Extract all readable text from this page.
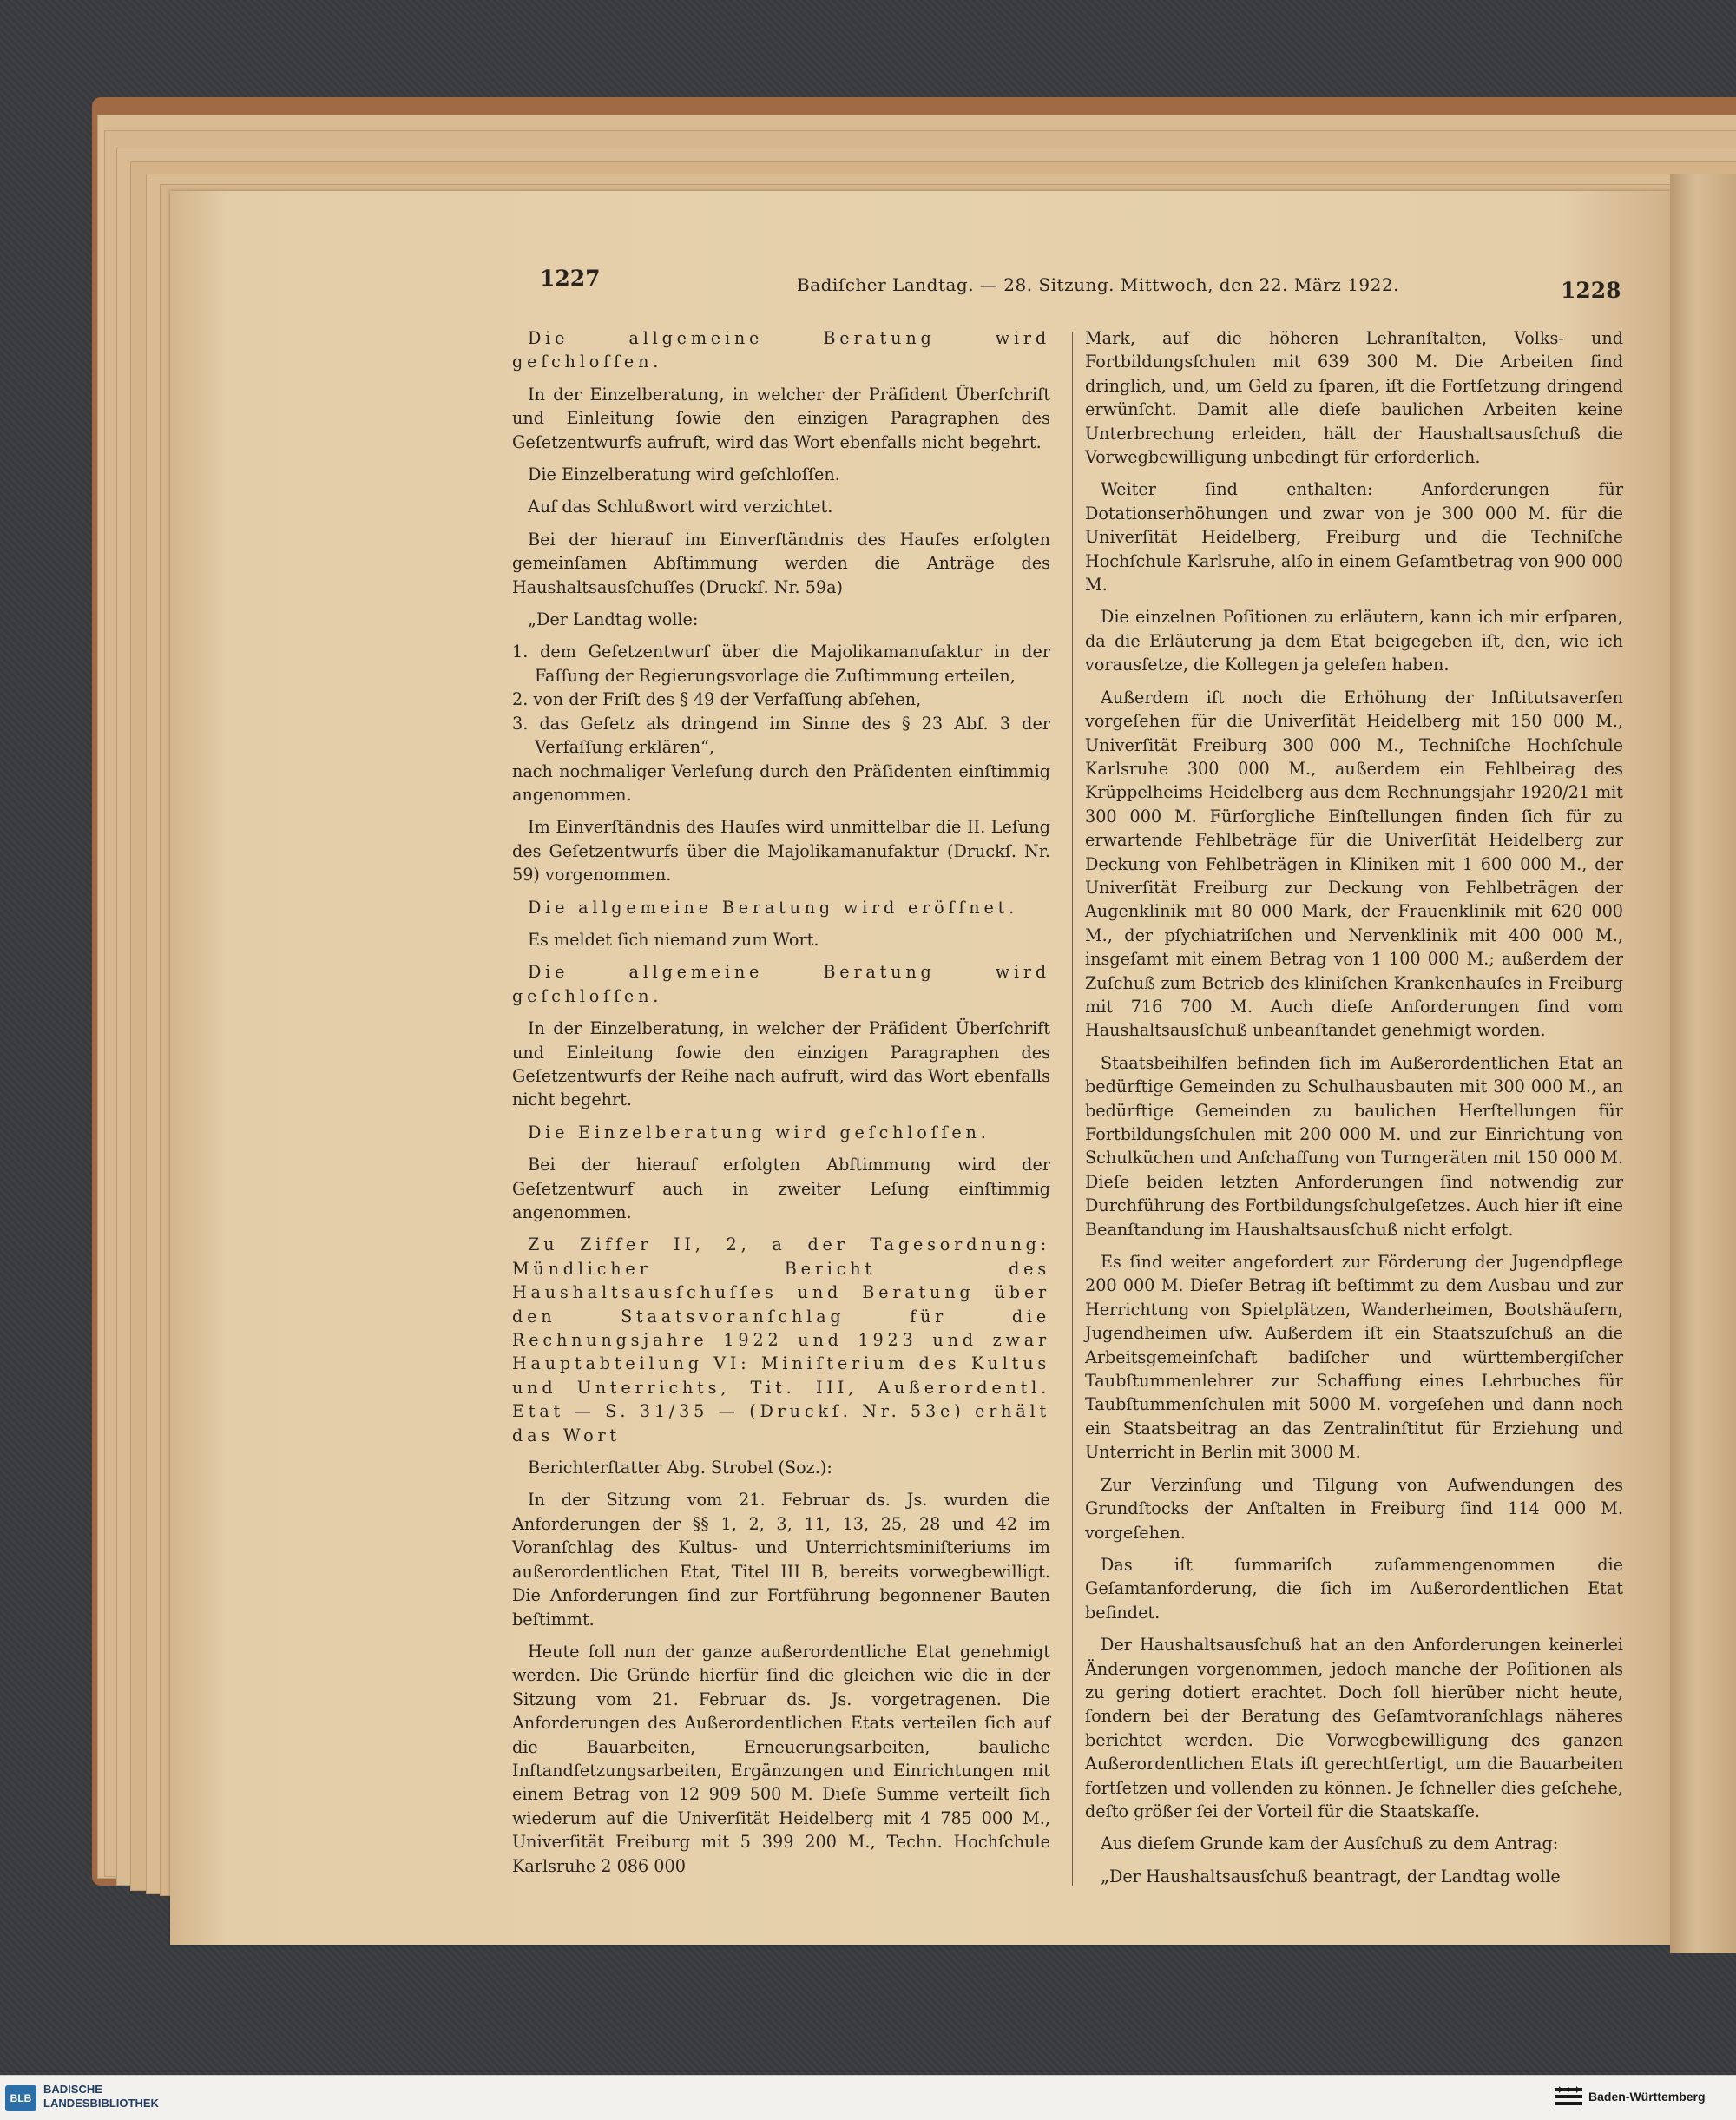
1227	Badiſcher Landtag. — 28. Sitzung. Mittwoch, den 22. März 1922.	1228

Die allgemeine Beratung wird geſchloſſen.

In der Einzelberatung, in welcher der Präſident Überſchrift und Einleitung ſowie den einzigen Paragraphen des Geſetzentwurfs aufruft, wird das Wort ebenfalls nicht begehrt.

Die Einzelberatung wird geſchloſſen.

Auf das Schlußwort wird verzichtet.

Bei der hierauf im Einverſtändnis des Hauſes erfolgten gemeinſamen Abſtimmung werden die Anträge des Haushaltsausſchuſſes (Druckſ. Nr. 59a)

„Der Landtag wolle:

1. dem Geſetzentwurf über die Majolikamanufaktur in der Faſſung der Regierungsvorlage die Zuſtimmung erteilen,

2. von der Friſt des § 49 der Verfaſſung abſehen,

3. das Geſetz als dringend im Sinne des § 23 Abſ. 3 der Verfaſſung erklären“,

nach nochmaliger Verleſung durch den Präſidenten einſtimmig angenommen.

Im Einverſtändnis des Hauſes wird unmittelbar die II. Leſung des Geſetzentwurfs über die Majolikamanufaktur (Druckſ. Nr. 59) vorgenommen.

Die allgemeine Beratung wird eröffnet.

Es meldet ſich niemand zum Wort.

Die allgemeine Beratung wird geſchloſſen.

In der Einzelberatung, in welcher der Präſident Überſchrift und Einleitung ſowie den einzigen Paragraphen des Geſetzentwurfs der Reihe nach aufruft, wird das Wort ebenfalls nicht begehrt.

Die Einzelberatung wird geſchloſſen.

Bei der hierauf erfolgten Abſtimmung wird der Geſetzentwurf auch in zweiter Leſung einſtimmig angenommen.

Zu Ziffer II, 2, a der Tagesordnung: Mündlicher Bericht des Haushaltsausſchuſſes und Beratung über den Staatsvoranſchlag für die Rechnungsjahre 1922 und 1923 und zwar Hauptabteilung VI: Miniſterium des Kultus und Unterrichts, Tit. III, Außerordentl. Etat — S. 31/35 — (Druckſ. Nr. 53e) erhält das Wort

Berichterſtatter Abg. Strobel (Soz.):

In der Sitzung vom 21. Februar ds. Js. wurden die Anforderungen der §§ 1, 2, 3, 11, 13, 25, 28 und 42 im Voranſchlag des Kultus- und Unterrichtsminiſteriums im außerordentlichen Etat, Titel III B, bereits vorwegbewilligt. Die Anforderungen ſind zur Fortführung begonnener Bauten beſtimmt.

Heute ſoll nun der ganze außerordentliche Etat genehmigt werden. Die Gründe hierfür ſind die gleichen wie die in der Sitzung vom 21. Februar ds. Js. vorgetragenen. Die Anforderungen des Außerordentlichen Etats verteilen ſich auf die Bauarbeiten, Erneuerungsarbeiten, bauliche Inſtandſetzungsarbeiten, Ergänzungen und Einrichtungen mit einem Betrag von 12 909 500 M. Dieſe Summe verteilt ſich wiederum auf die Univerſität Heidelberg mit 4 785 000 M., Univerſität Freiburg mit 5 399 200 M., Techn. Hochſchule Karlsruhe 2 086 000

Mark, auf die höheren Lehranſtalten, Volks- und Fortbildungsſchulen mit 639 300 M. Die Arbeiten ſind dringlich, und, um Geld zu ſparen, iſt die Fortſetzung dringend erwünſcht. Damit alle dieſe baulichen Arbeiten keine Unterbrechung erleiden, hält der Haushaltsausſchuß die Vorwegbewilligung unbedingt für erforderlich.

Weiter ſind enthalten: Anforderungen für Dotationserhöhungen und zwar von je 300 000 M. für die Univerſität Heidelberg, Freiburg und die Techniſche Hochſchule Karlsruhe, alſo in einem Geſamtbetrag von 900 000 M.

Die einzelnen Poſitionen zu erläutern, kann ich mir erſparen, da die Erläuterung ja dem Etat beigegeben iſt, den, wie ich vorausſetze, die Kollegen ja geleſen haben.

Außerdem iſt noch die Erhöhung der Inſtitutsaverſen vorgeſehen für die Univerſität Heidelberg mit 150 000 M., Univerſität Freiburg 300 000 M., Techniſche Hochſchule Karlsruhe 300 000 M., außerdem ein Fehlbeirag des Krüppelheims Heidelberg aus dem Rechnungsjahr 1920/21 mit 300 000 M. Fürſorgliche Einſtellungen finden ſich für zu erwartende Fehlbeträge für die Univerſität Heidelberg zur Deckung von Fehlbeträgen in Kliniken mit 1 600 000 M., der Univerſität Freiburg zur Deckung von Fehlbeträgen der Augenklinik mit 80 000 Mark, der Frauenklinik mit 620 000 M., der pſychiatriſchen und Nervenklinik mit 400 000 M., insgeſamt mit einem Betrag von 1 100 000 M.; außerdem der Zuſchuß zum Betrieb des kliniſchen Krankenhauſes in Freiburg mit 716 700 M. Auch dieſe Anforderungen ſind vom Haushaltsausſchuß unbeanſtandet genehmigt worden.

Staatsbeihilfen befinden ſich im Außerordentlichen Etat an bedürftige Gemeinden zu Schulhausbauten mit 300 000 M., an bedürftige Gemeinden zu baulichen Herſtellungen für Fortbildungsſchulen mit 200 000 M. und zur Einrichtung von Schulküchen und Anſchaffung von Turngeräten mit 150 000 M. Dieſe beiden letzten Anforderungen ſind notwendig zur Durchführung des Fortbildungsſchulgeſetzes. Auch hier iſt eine Beanſtandung im Haushaltsausſchuß nicht erfolgt.

Es ſind weiter angefordert zur Förderung der Jugendpflege 200 000 M. Dieſer Betrag iſt beſtimmt zu dem Ausbau und zur Herrichtung von Spielplätzen, Wanderheimen, Bootshäuſern, Jugendheimen uſw. Außerdem iſt ein Staatszuſchuß an die Arbeitsgemeinſchaft badiſcher und württembergiſcher Taubſtummenlehrer zur Schaffung eines Lehrbuches für Taubſtummenſchulen mit 5000 M. vorgeſehen und dann noch ein Staatsbeitrag an das Zentralinſtitut für Erziehung und Unterricht in Berlin mit 3000 M.

Zur Verzinſung und Tilgung von Aufwendungen des Grundſtocks der Anſtalten in Freiburg ſind 114 000 M. vorgeſehen.

Das iſt ſummariſch zuſammengenommen die Geſamtanforderung, die ſich im Außerordentlichen Etat befindet.

Der Haushaltsausſchuß hat an den Anforderungen keinerlei Änderungen vorgenommen, jedoch manche der Poſitionen als zu gering dotiert erachtet. Doch ſoll hierüber nicht heute, ſondern bei der Beratung des Geſamtvoranſchlags näheres berichtet werden. Die Vorwegbewilligung des ganzen Außerordentlichen Etats iſt gerechtfertigt, um die Bauarbeiten fortſetzen und vollenden zu können. Je ſchneller dies geſchehe, deſto größer ſei der Vorteil für die Staatskaſſe.

Aus dieſem Grunde kam der Ausſchuß zu dem Antrag:

„Der Haushaltsausſchuß beantragt, der Landtag wolle

BLB
BADISCHE
LANDESBIBLIOTHEK	Baden-Württemberg
